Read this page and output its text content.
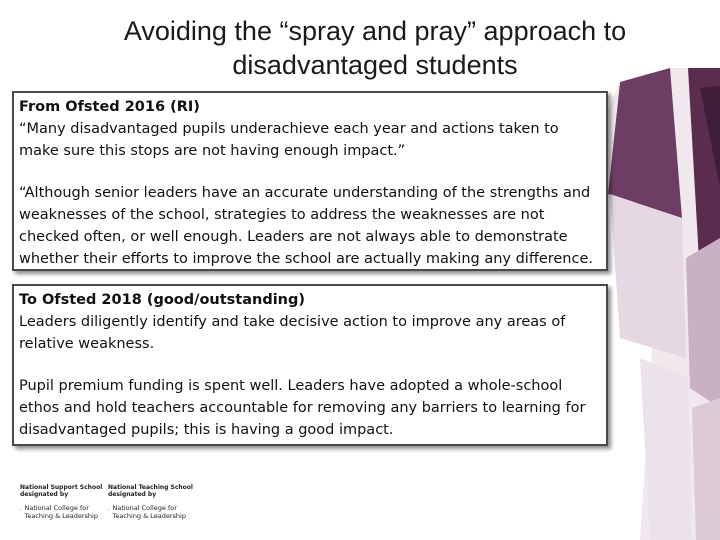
Avoiding the “spray and pray” approach to
disadvantaged students
From Ofsted 2016 (RI)

“Many disadvantaged pupils underachieve each year and actions taken to make sure this stops are not having enough impact.”

“Although senior leaders have an accurate understanding of the strengths and weaknesses of the school, strategies to address the weaknesses are not checked often, or well enough. Leaders are not always able to demonstrate whether their efforts to improve the school are actually making any difference.

To Ofsted 2018 (good/outstanding)

Leaders diligently identify and take decisive action to improve any areas of relative weakness.

Pupil premium funding is spent well. Leaders have adopted a whole-school ethos and hold teachers accountable for removing any barriers to learning for disadvantaged pupils; this is having a good impact.

National Support School
designated by
National College for
Teaching & Leadership
National Teaching School
designated by
National College for
Teaching & Leadership
